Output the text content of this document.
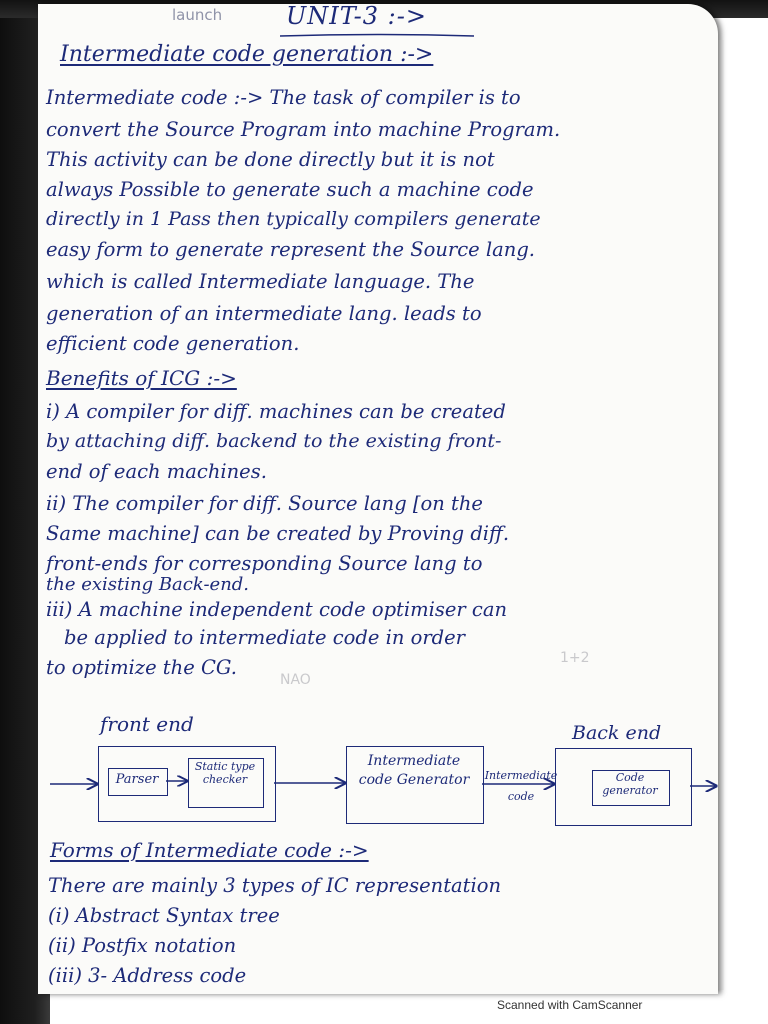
launch	UNIT-3 :->
Intermediate code generation :->
Intermediate code :-> The task of compiler is to
convert the Source Program into machine Program.
This activity can be done directly but it is not
always Possible to generate such a machine code
directly in 1 Pass then typically compilers generate
easy form to generate represent the Source lang.
which is called Intermediate language. The
generation of an intermediate lang. leads to
efficient code generation.
Benefits of ICG :->
i) A compiler for diff. machines can be created
by attaching diff. backend to the existing front-
end of each machines.
ii) The compiler for diff. Source lang [on the
Same machine] can be created by Proving diff.
front-ends for corresponding Source lang to
the existing Back-end.
iii) A machine independent code optimiser can
be applied to intermediate code in order
to optimize the CG.	1+2
NAO
front end	Back end
Parser
Static type checker
Intermediate code Generator	Code generator
Intermediate code
Forms of Intermediate code :->
There are mainly 3 types of IC representation
(i) Abstract Syntax tree
(ii) Postfix notation
(iii) 3- Address code
Scanned with CamScanner
